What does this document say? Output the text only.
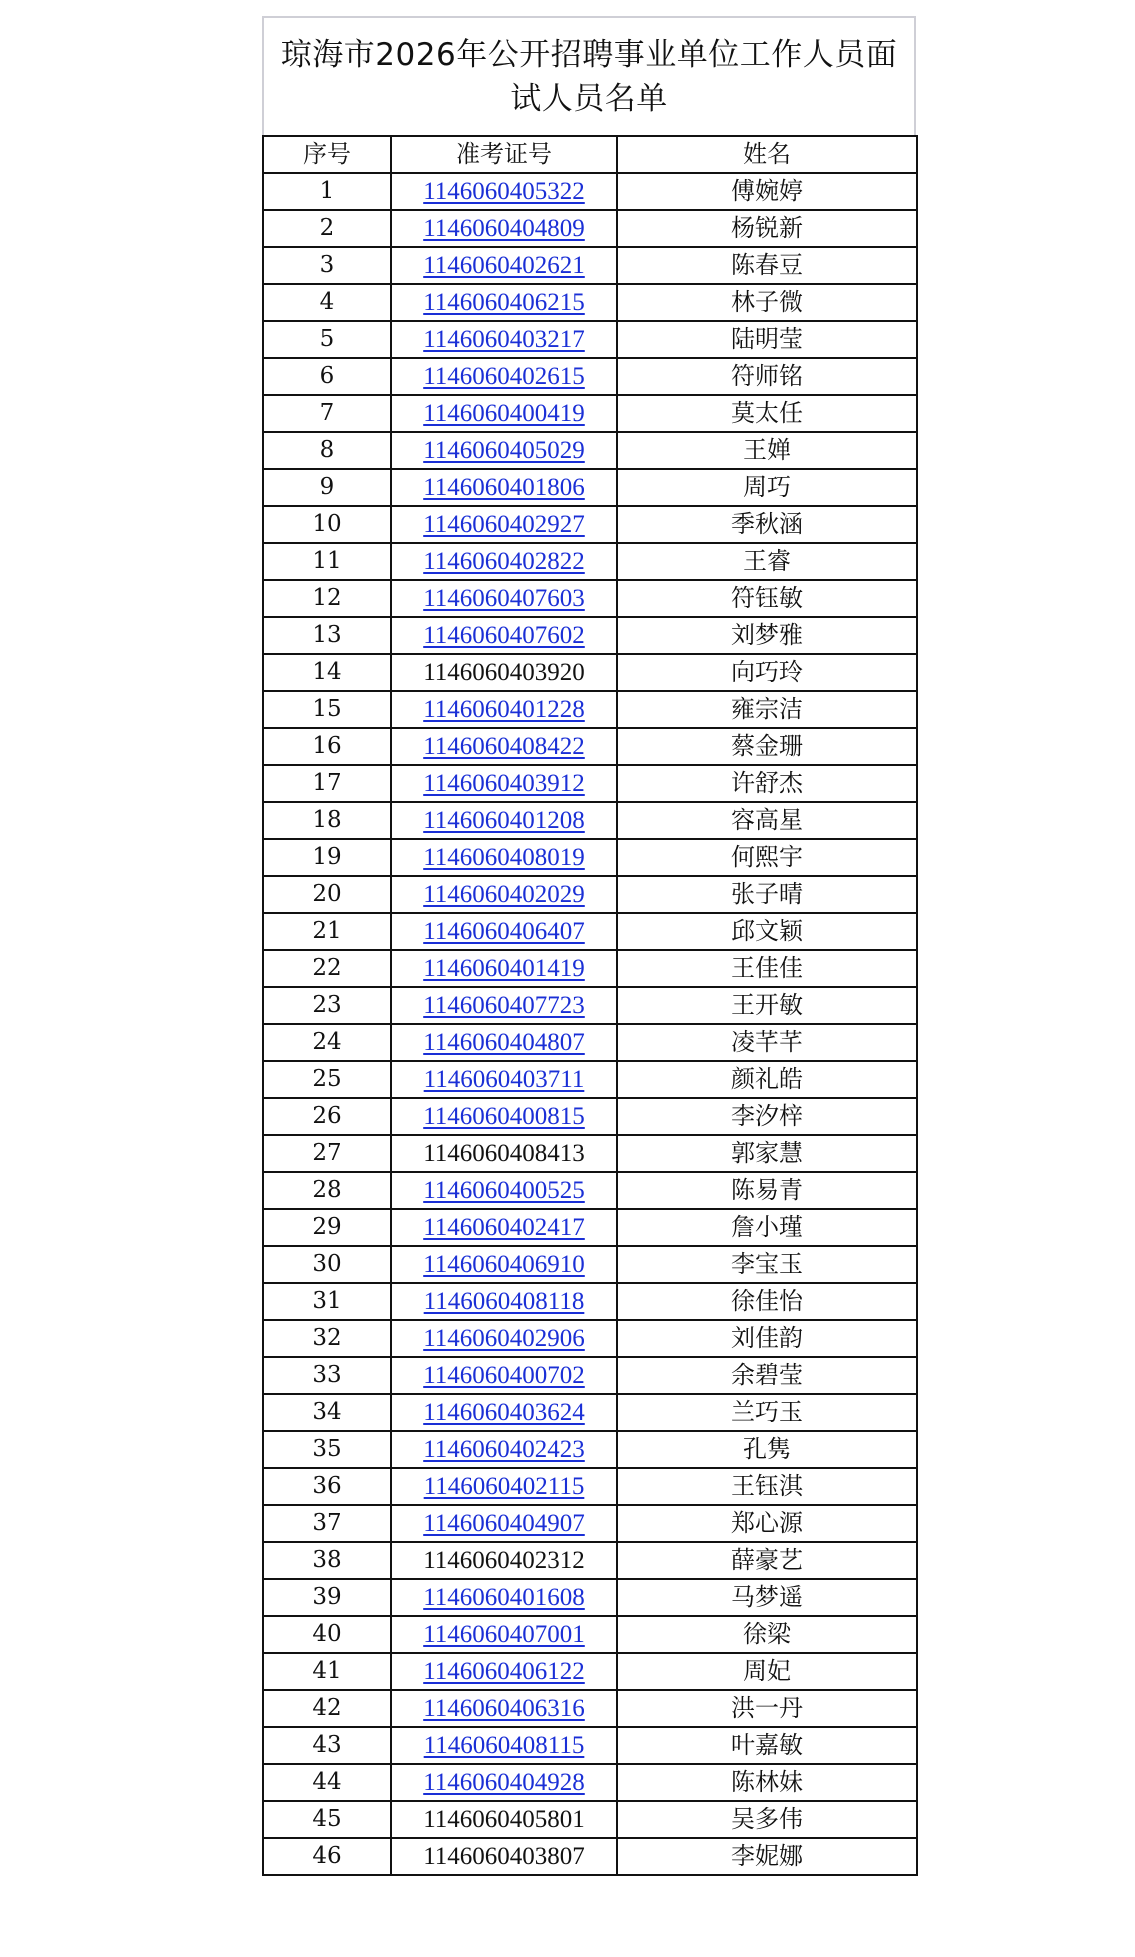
琼海市2026年公开招聘事业单位工作人员面试人员名单
序号	准考证号	姓名
1	1146060405322	傅婉婷
2	1146060404809	杨锐新
3	1146060402621	陈春豆
4	1146060406215	林子微
5	1146060403217	陆明莹
6	1146060402615	符师铭
7	1146060400419	莫太任
8	1146060405029	王婵
9	1146060401806	周巧
10	1146060402927	季秋涵
11	1146060402822	王睿
12	1146060407603	符钰敏
13	1146060407602	刘梦雅
14	1146060403920	向巧玲
15	1146060401228	雍宗洁
16	1146060408422	蔡金珊
17	1146060403912	许舒杰
18	1146060401208	容高星
19	1146060408019	何熙宇
20	1146060402029	张子晴
21	1146060406407	邱文颖
22	1146060401419	王佳佳
23	1146060407723	王开敏
24	1146060404807	凌芊芊
25	1146060403711	颜礼皓
26	1146060400815	李汐梓
27	1146060408413	郭家慧
28	1146060400525	陈易青
29	1146060402417	詹小瑾
30	1146060406910	李宝玉
31	1146060408118	徐佳怡
32	1146060402906	刘佳韵
33	1146060400702	余碧莹
34	1146060403624	兰巧玉
35	1146060402423	孔隽
36	1146060402115	王钰淇
37	1146060404907	郑心源
38	1146060402312	薛豪艺
39	1146060401608	马梦遥
40	1146060407001	徐梁
41	1146060406122	周妃
42	1146060406316	洪一丹
43	1146060408115	叶嘉敏
44	1146060404928	陈林妹
45	1146060405801	吴多伟
46	1146060403807	李妮娜
